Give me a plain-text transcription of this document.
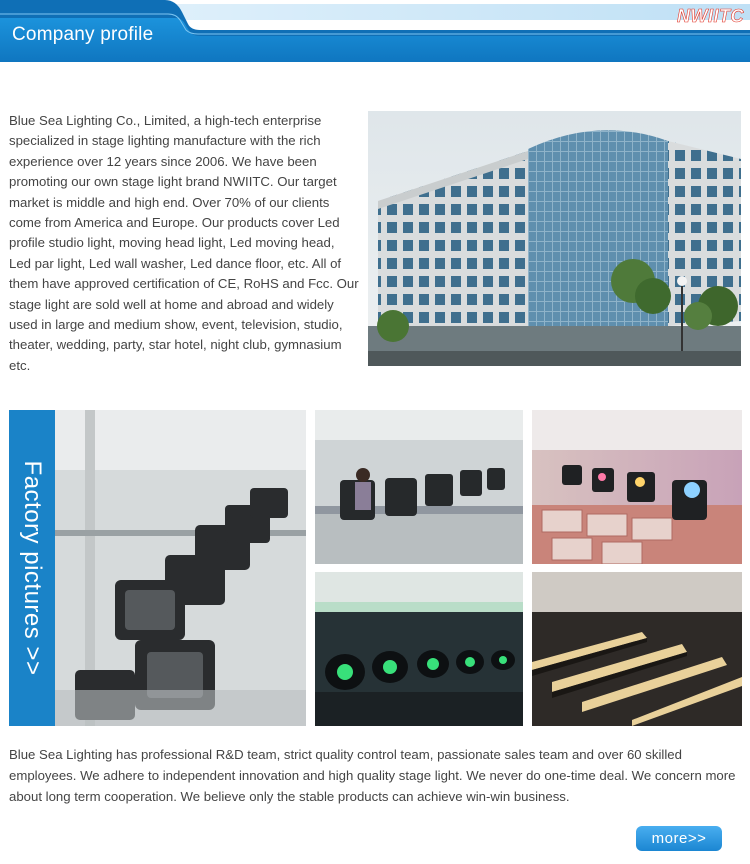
Company profile
NWIITC
Blue Sea Lighting Co., Limited, a high-tech enterprise specialized in stage lighting manufacture with the rich experience over 12 years since 2006. We have been promoting our own stage light brand NWIITC. Our target market is middle and high end. Over 70% of our clients come from America and Europe. Our products cover Led profile studio light, moving head light, Led moving head, Led par light, Led wall washer, Led dance floor, etc. All of them have approved certification of CE, RoHS and Fcc. Our stage light are sold well at home and abroad and widely used in large and medium show, event, television, studio, theater, wedding, party, star hotel, night club, gymnasium etc.
Factory pictures >>
Blue Sea Lighting has professional R&D team, strict quality control team, passionate sales team and over 60 skilled employees. We adhere to independent innovation and high quality stage light. We never do one-time deal. We concern more about long term cooperation. We believe only the stable products can achieve win-win business.
more>>
